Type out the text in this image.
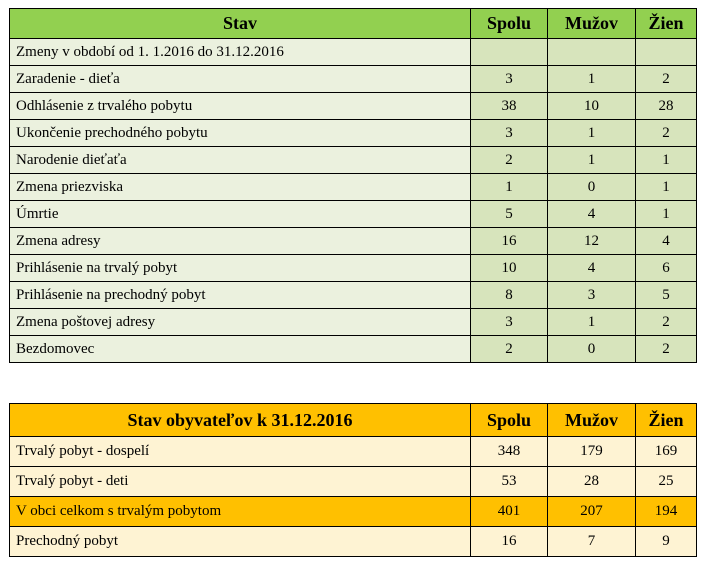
Stav	Spolu	Mužov	Žien
Zmeny v období od 1. 1.2016 do 31.12.2016			
Zaradenie - dieťa	3	1	2
Odhlásenie z trvalého pobytu	38	10	28
Ukončenie prechodného pobytu	3	1	2
Narodenie dieťaťa	2	1	1
Zmena priezviska	1	0	1
Úmrtie	5	4	1
Zmena adresy	16	12	4
Prihlásenie na trvalý pobyt	10	4	6
Prihlásenie na prechodný pobyt	8	3	5
Zmena poštovej adresy	3	1	2
Bezdomovec	2	0	2
Stav obyvateľov k 31.12.2016	Spolu	Mužov	Žien
Trvalý pobyt - dospelí	348	179	169
Trvalý pobyt - deti	53	28	25
V obci celkom s trvalým pobytom	401	207	194
Prechodný pobyt	16	7	9
